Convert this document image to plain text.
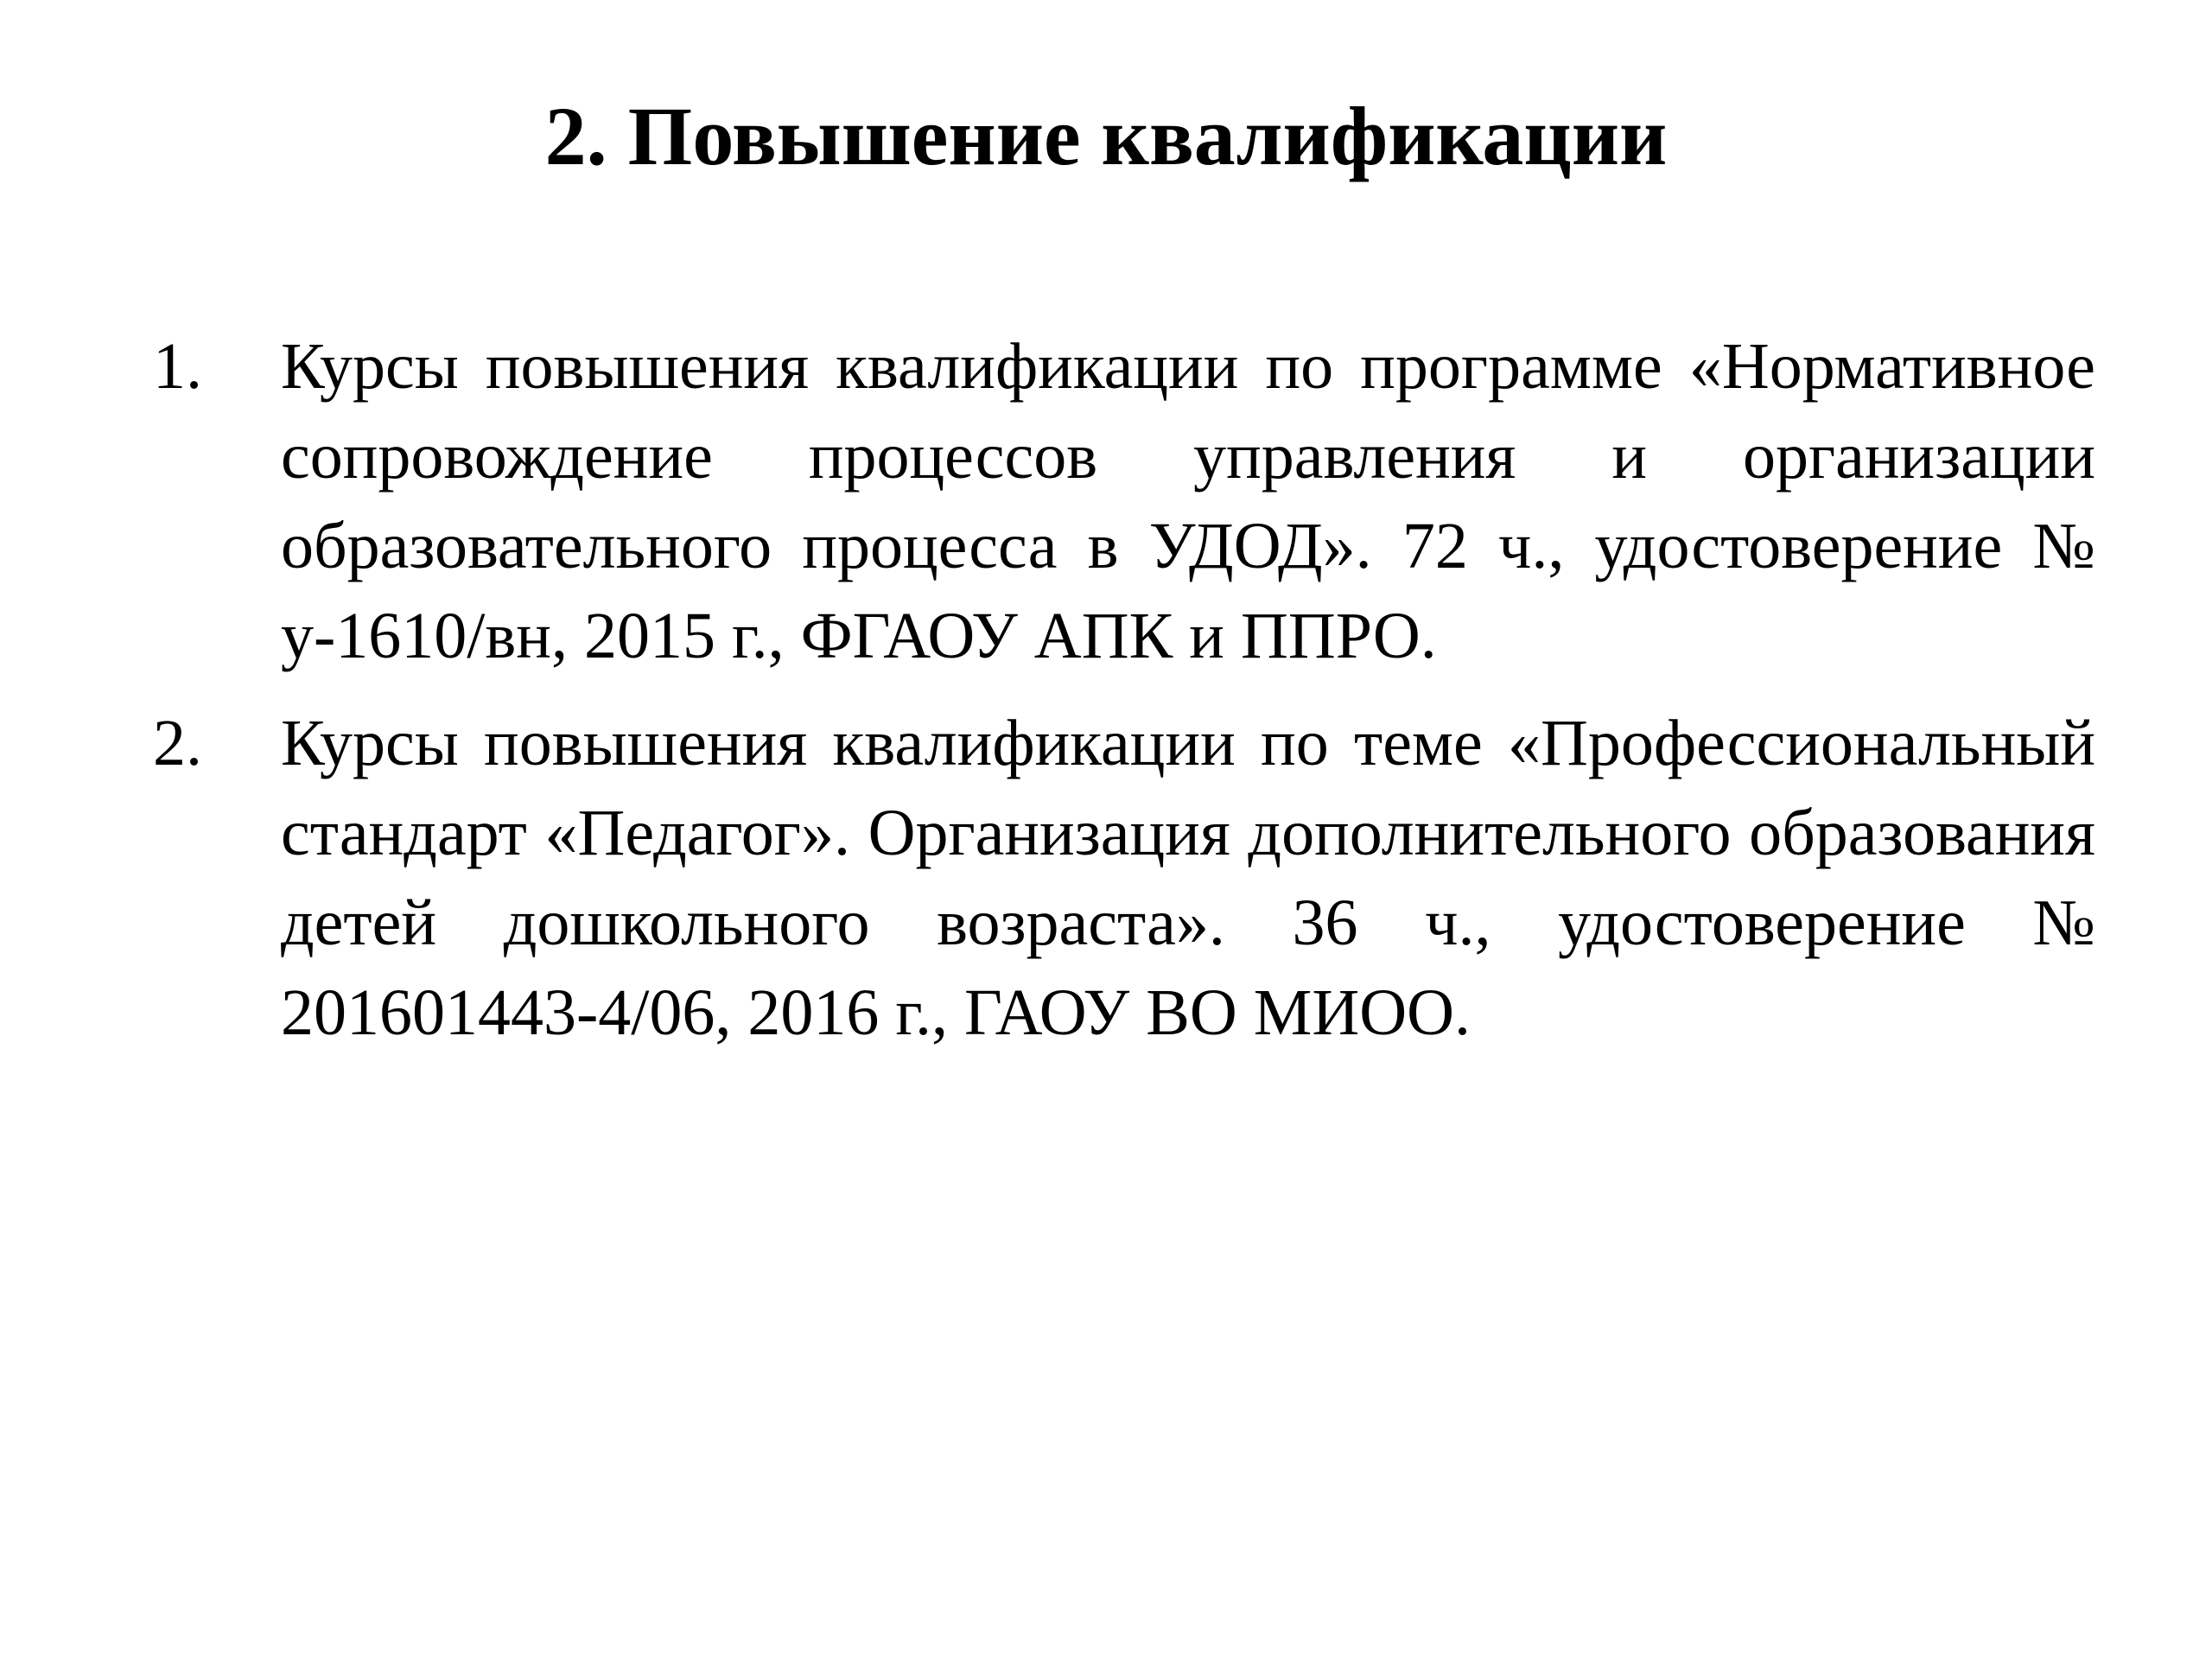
2. Повышение квалификации
1. Курсы повышения квалификации по программе «Нормативное сопровождение процессов управления и организации образовательного процесса в УДОД». 72 ч., удостоверение № у-1610/вн, 2015 г., ФГАОУ АПК и ППРО.
2. Курсы повышения квалификации по теме «Профессиональный стандарт «Педагог». Организация дополнительного образования детей дошкольного возраста». 36 ч., удостоверение № 201601443-4/06, 2016 г., ГАОУ ВО МИОО.
